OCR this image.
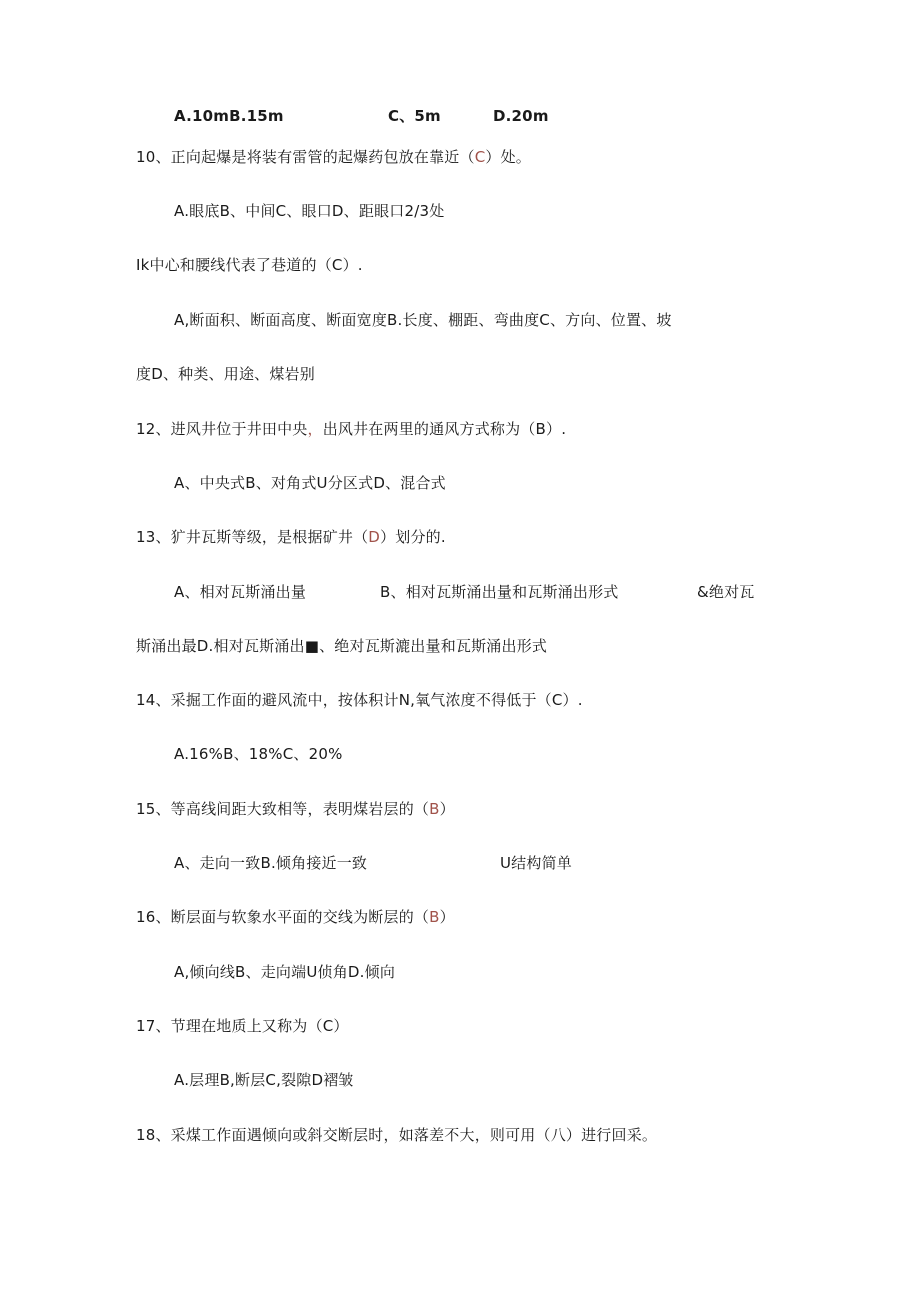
A.10mB.15m	C、5m	D.20m
10、正向起爆是将装有雷管的起爆药包放在靠近（C）处。
A.眼底B、中间C、眼口D、距眼口2/3处
Ik中心和腰线代表了巷道的（C）.
A,断面积、断面高度、断面宽度B.长度、棚距、弯曲度C、方向、位置、坡
度D、种类、用途、煤岩别
12、进风井位于井田中央，出风井在两里的通风方式称为（B）.
A、中央式B、对角式U分区式D、混合式
13、犷井瓦斯等级，是根据矿井（D）划分的.
A、相对瓦斯涌出量	B、相对瓦斯涌出量和瓦斯涌出形式	&绝对瓦
斯涌出最D.相对瓦斯涌出■、绝对瓦斯漉出量和瓦斯涌出形式
14、采掘工作面的避风流中，按体积计N,氧气浓度不得低于（C）.
A.16%B、18%C、20%
15、等高线间距大致相等，表明煤岩层的（B）
A、走向一致B.倾角接近一致	U结构简单
16、断层面与软象水平面的交线为断层的（B）
A,倾向线B、走向端U侦角D.倾向
17、节理在地质上又称为（C）
A.层理B,断层C,裂隙D褶皱
18、采煤工作面遇倾向或斜交断层时，如落差不大，则可用（八）进行回采。
